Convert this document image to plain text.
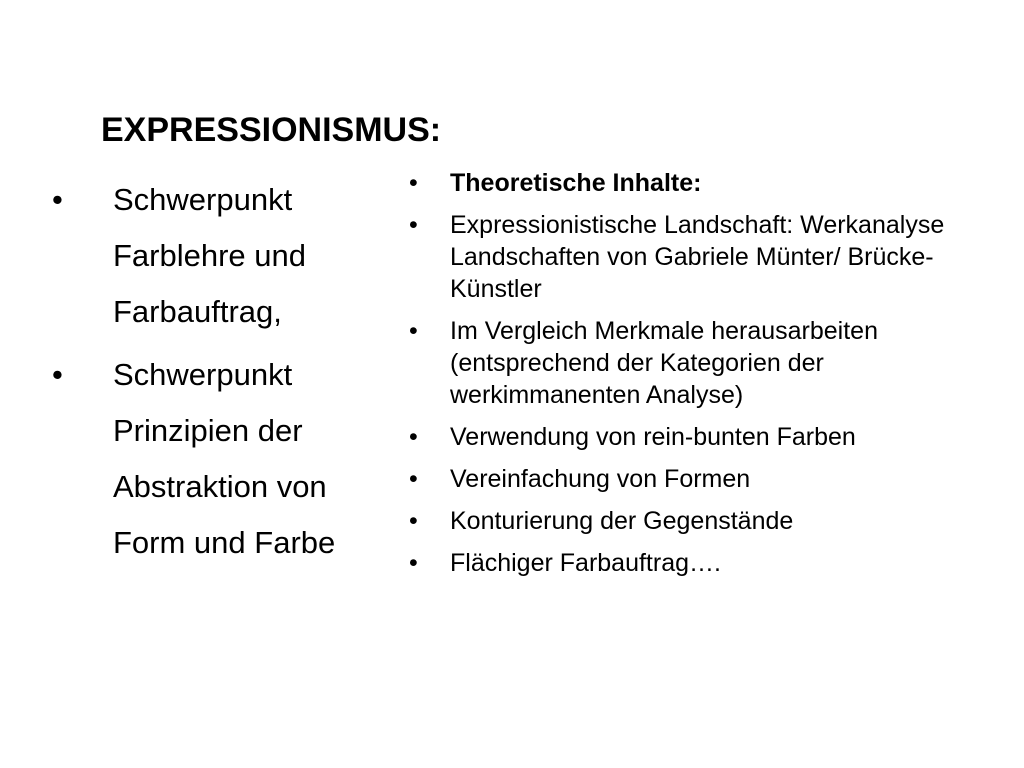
EXPRESSIONISMUS:
•	Schwerpunkt Farblehre und Farbauftrag,
•	Schwerpunkt Prinzipien der Abstraktion von Form und Farbe
•	Theoretische Inhalte:
•	Expressionistische Landschaft: Werkanalyse Landschaften von Gabriele Münter/ Brücke-Künstler
•	Im Vergleich Merkmale herausarbeiten (entsprechend der Kategorien der werkimmanenten Analyse)
•	Verwendung von rein-bunten Farben
•	Vereinfachung von Formen
•	Konturierung der Gegenstände
•	Flächiger Farbauftrag….
